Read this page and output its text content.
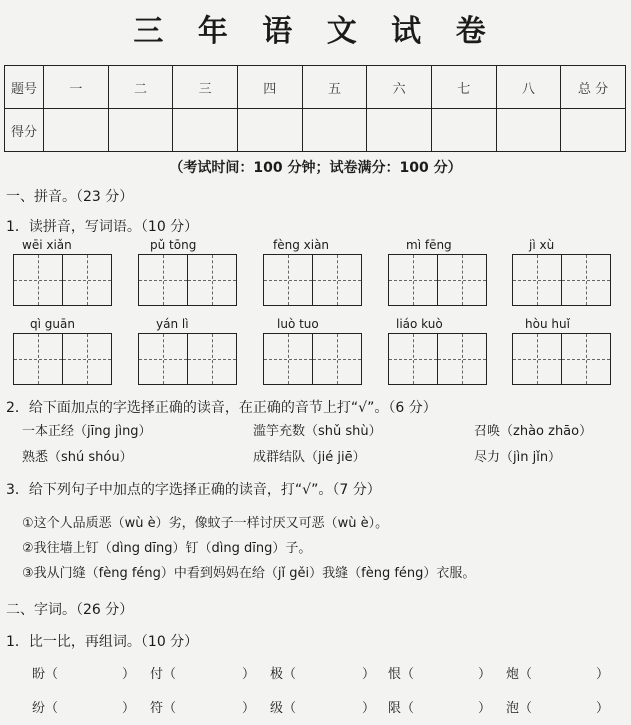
三 年 语 文 试 卷
题号	一	二	三	四	五	六	七	八	总 分
得分									
（考试时间：100 分钟；试卷满分：100 分）
一、拼音。（23 分）
1．读拼音，写词语。（10 分）
wēi xiǎn	pǔ tōng	fèng xiàn	mì fēng	jì xù
qì guān	yán lì	luò tuo	liáo kuò	hòu huǐ
2．给下面加点的字选择正确的读音，在正确的音节上打“√”。（6 分）
一本正经（jīng jìng）	滥竽充数（shǔ shù）	召唤（zhào zhāo）
熟悉（shú shóu）	成群结队（jié jiē）	尽力（jìn jǐn）
3．给下列句子中加点的字选择正确的读音，打“√”。（7 分）
①这个人品质恶（wù è）劣，像蚊子一样讨厌又可恶（wù è）。
②我往墙上钉（dìng dīng）钉（dìng dīng）子。
③我从门缝（fèng féng）中看到妈妈在给（jǐ gěi）我缝（fèng féng）衣服。
二、字词。（26 分）
1．比一比，再组词。（10 分）
盼（	） 付（	） 极（	） 恨（	） 炮（	）
纷（	） 符（	） 级（	） 限（	） 泡（	）
